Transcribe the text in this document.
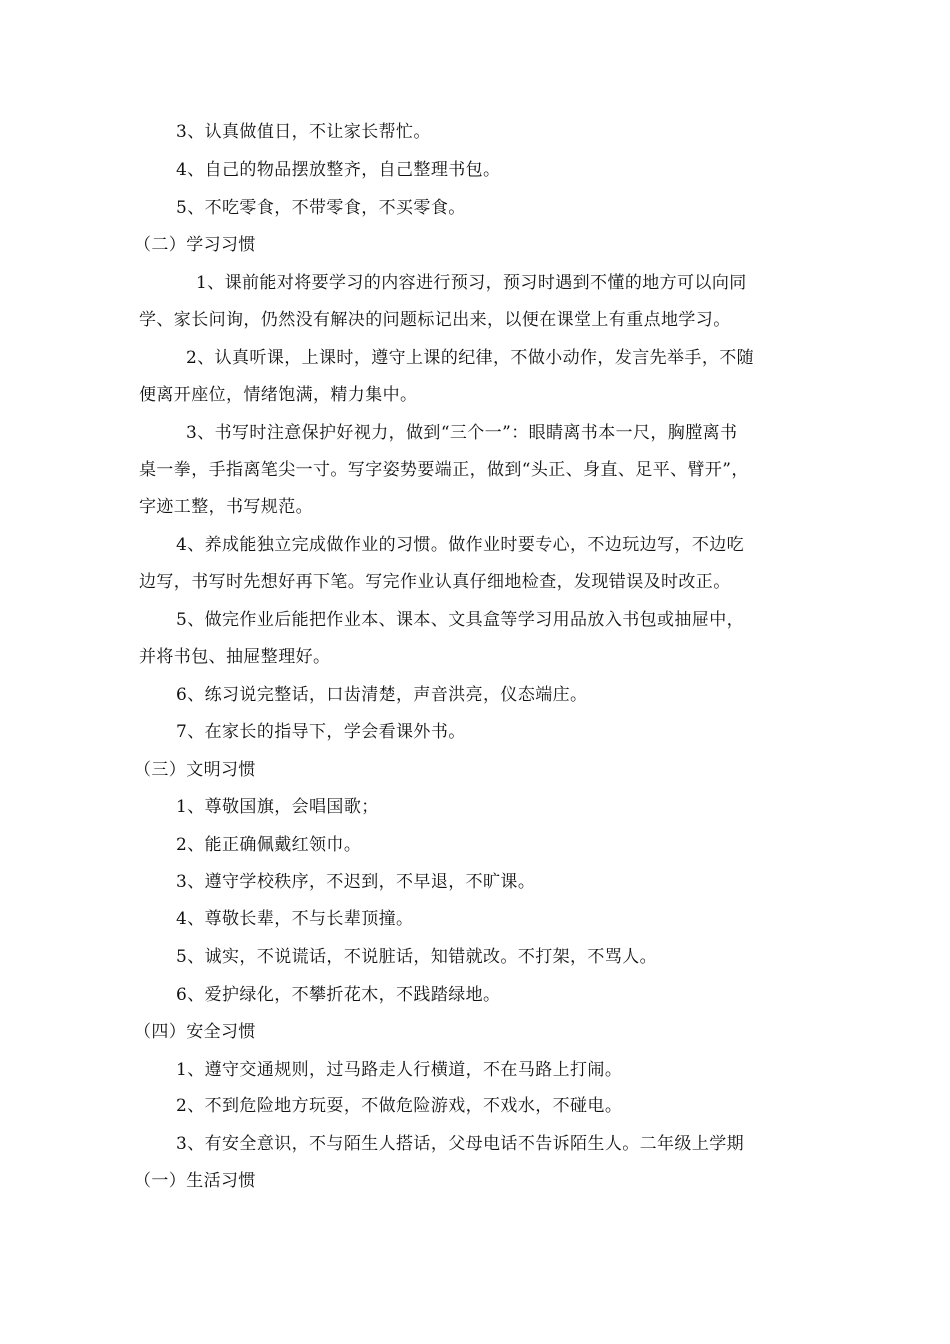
3、认真做值日，不让家长帮忙。
4、自己的物品摆放整齐，自己整理书包。
5、不吃零食，不带零食，不买零食。
（二）学习习惯
1、课前能对将要学习的内容进行预习，预习时遇到不懂的地方可以向同
学、家长问询，仍然没有解决的问题标记出来，以便在课堂上有重点地学习。
2、认真听课，上课时，遵守上课的纪律，不做小动作，发言先举手，不随
便离开座位，情绪饱满，精力集中。
3、书写时注意保护好视力，做到“三个一”：眼睛离书本一尺，胸膛离书
桌一拳，手指离笔尖一寸。写字姿势要端正，做到“头正、身直、足平、臂开”，
字迹工整，书写规范。
4、养成能独立完成做作业的习惯。做作业时要专心，不边玩边写，不边吃
边写，书写时先想好再下笔。写完作业认真仔细地检查，发现错误及时改正。
5、做完作业后能把作业本、课本、文具盒等学习用品放入书包或抽屉中，
并将书包、抽屉整理好。
6、练习说完整话，口齿清楚，声音洪亮，仪态端庄。
7、在家长的指导下，学会看课外书。
（三）文明习惯
1、尊敬国旗，会唱国歌；
2、能正确佩戴红领巾。
3、遵守学校秩序，不迟到，不早退，不旷课。
4、尊敬长辈，不与长辈顶撞。
5、诚实，不说谎话，不说脏话，知错就改。不打架，不骂人。
6、爱护绿化，不攀折花木，不践踏绿地。
（四）安全习惯
1、遵守交通规则，过马路走人行横道，不在马路上打闹。
2、不到危险地方玩耍，不做危险游戏，不戏水，不碰电。
3、有安全意识，不与陌生人搭话，父母电话不告诉陌生人。二年级上学期
（一）生活习惯
